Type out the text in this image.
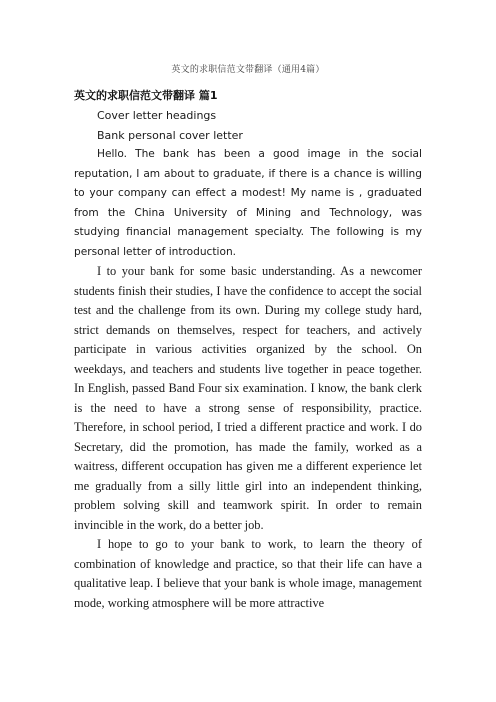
英文的求职信范文带翻译（通用4篇）
英文的求职信范文带翻译 篇1

Cover letter headings

Bank personal cover letter

Hello. The bank has been a good image in the social reputation, I am about to graduate, if there is a chance is willing to your company can effect a modest! My name is , graduated from the China University of Mining and Technology, was studying financial management specialty. The following is my personal letter of introduction.

I to your bank for some basic understanding. As a newcomer students finish their studies, I have the confidence to accept the social test and the challenge from its own. During my college study hard, strict demands on themselves, respect for teachers, and actively participate in various activities organized by the school. On weekdays, and teachers and students live together in peace together. In English, passed Band Four six examination. I know, the bank clerk is the need to have a strong sense of responsibility, practice. Therefore, in school period, I tried a different practice and work. I do Secretary, did the promotion, has made the family, worked as a waitress, different occupation has given me a different experience let me gradually from a silly little girl into an independent thinking, problem solving skill and teamwork spirit. In order to remain invincible in the work, do a better job.

I hope to go to your bank to work, to learn the theory of combination of knowledge and practice, so that their life can have a qualitative leap. I believe that your bank is whole image, management mode, working atmosphere will be more attractive
